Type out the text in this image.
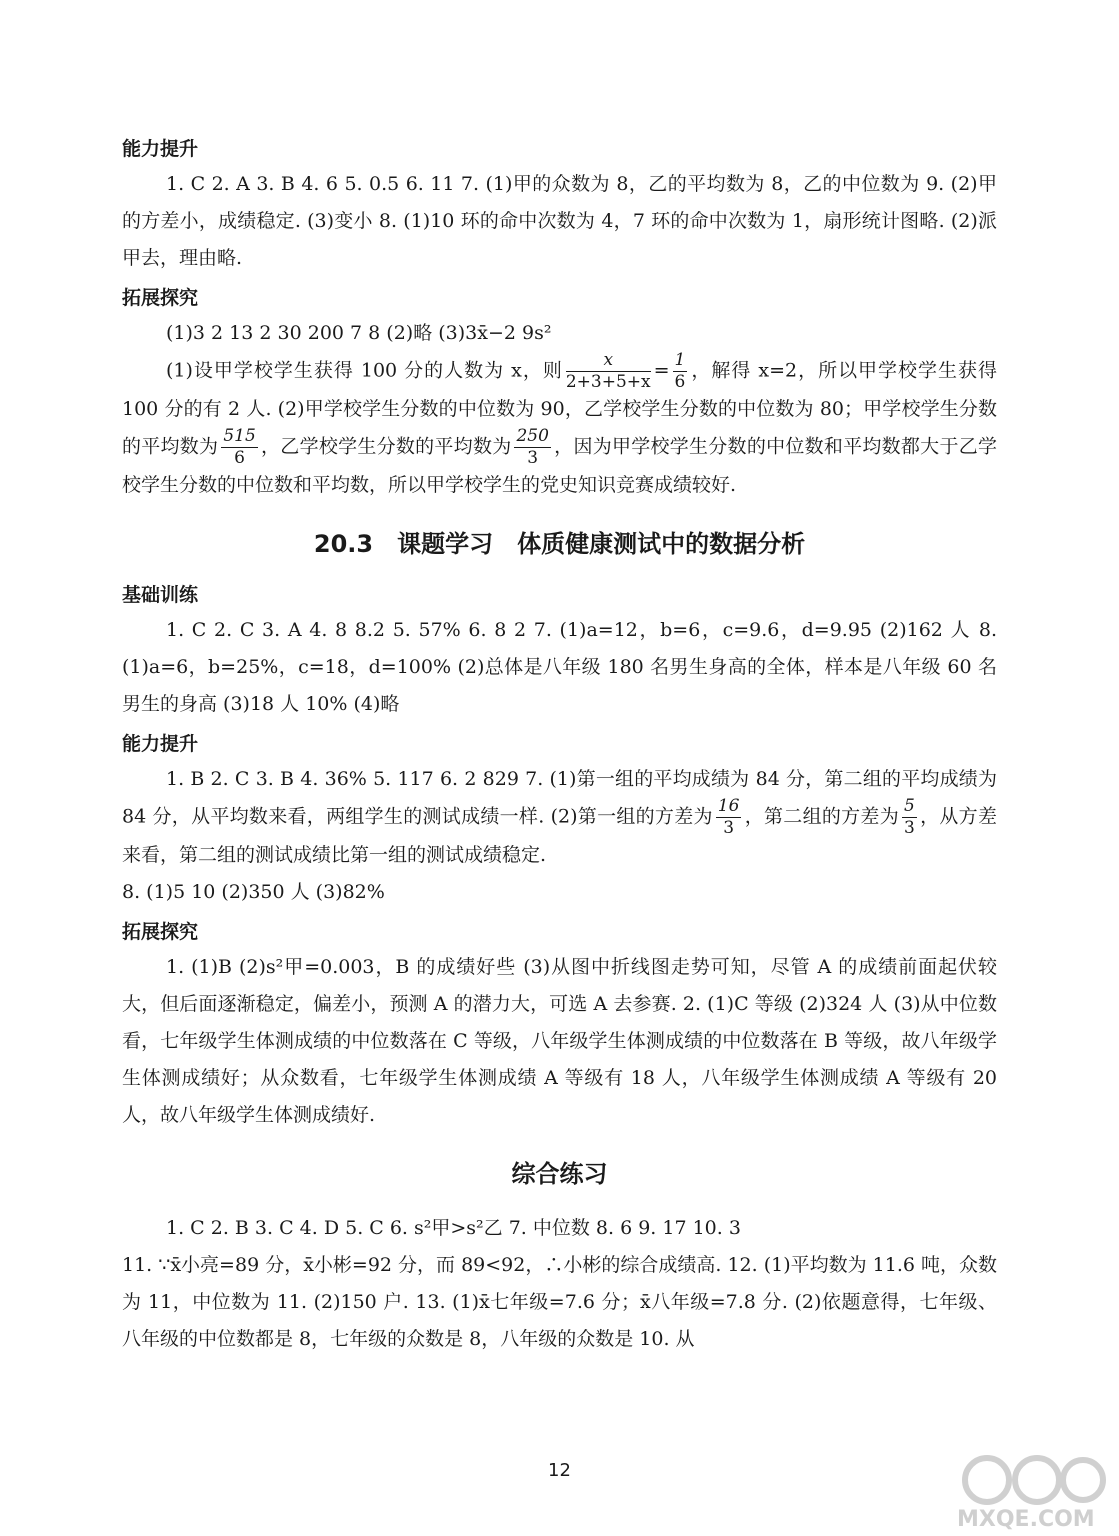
能力提升

1. C 2. A 3. B 4. 6 5. 0.5 6. 11 7. (1)甲的众数为 8，乙的平均数为 8，乙的中位数为 9. (2)甲的方差小，成绩稳定. (3)变小 8. (1)10 环的命中次数为 4，7 环的命中次数为 1，扇形统计图略. (2)派甲去，理由略.

拓展探究

(1)3 2 13 2 30 200 7 8 (2)略 (3)3x̄−2 9s²

(1)设甲学校学生获得 100 分的人数为 x，则 $\frac{x}{2+3+5+x} = \frac{1}{6}$ ，解得 x=2，所以甲学校学生获得 100 分的有 2 人. (2)甲学校学生分数的中位数为 90，乙学校学生分数的中位数为 80；甲学校学生分数的平均数为 $\frac{515}{6}$ ，乙学校学生分数的平均数为 $\frac{250}{3}$ ，因为甲学校学生分数的中位数和平均数都大于乙学校学生分数的中位数和平均数，所以甲学校学生的党史知识竞赛成绩较好.

20.3　课题学习　体质健康测试中的数据分析
基础训练

1. C 2. C 3. A 4. 8 8.2 5. 57% 6. 8 2 7. (1)a=12，b=6，c=9.6，d=9.95 (2)162 人 8. (1)a=6，b=25%，c=18，d=100% (2)总体是八年级 180 名男生身高的全体，样本是八年级 60 名男生的身高 (3)18 人 10% (4)略

能力提升

1. B 2. C 3. B 4. 36% 5. 117 6. 2 829 7. (1)第一组的平均成绩为 84 分，第二组的平均成绩为 84 分，从平均数来看，两组学生的测试成绩一样. (2)第一组的方差为 $\frac{16}{3}$ ，第二组的方差为 $\frac{5}{3}$ ，从方差来看，第二组的测试成绩比第一组的测试成绩稳定.

8. (1)5 10 (2)350 人 (3)82%

拓展探究

1. (1)B (2)s²甲=0.003，B 的成绩好些 (3)从图中折线图走势可知，尽管 A 的成绩前面起伏较大，但后面逐渐稳定，偏差小，预测 A 的潜力大，可选 A 去参赛. 2. (1)C 等级 (2)324 人 (3)从中位数看，七年级学生体测成绩的中位数落在 C 等级，八年级学生体测成绩的中位数落在 B 等级，故八年级学生体测成绩好；从众数看，七年级学生体测成绩 A 等级有 18 人，八年级学生体测成绩 A 等级有 20 人，故八年级学生体测成绩好.

综合练习

1. C 2. B 3. C 4. D 5. C 6. s²甲>s²乙 7. 中位数 8. 6 9. 17 10. 3

11. ∵x̄小亮=89 分，x̄小彬=92 分，而 89<92，∴小彬的综合成绩高. 12. (1)平均数为 11.6 吨，众数为 11，中位数为 11. (2)150 户. 13. (1)x̄七年级=7.6 分；x̄八年级=7.8 分. (2)依题意得，七年级、八年级的中位数都是 8，七年级的众数是 8，八年级的众数是 10. 从

12
MXQE.COM
